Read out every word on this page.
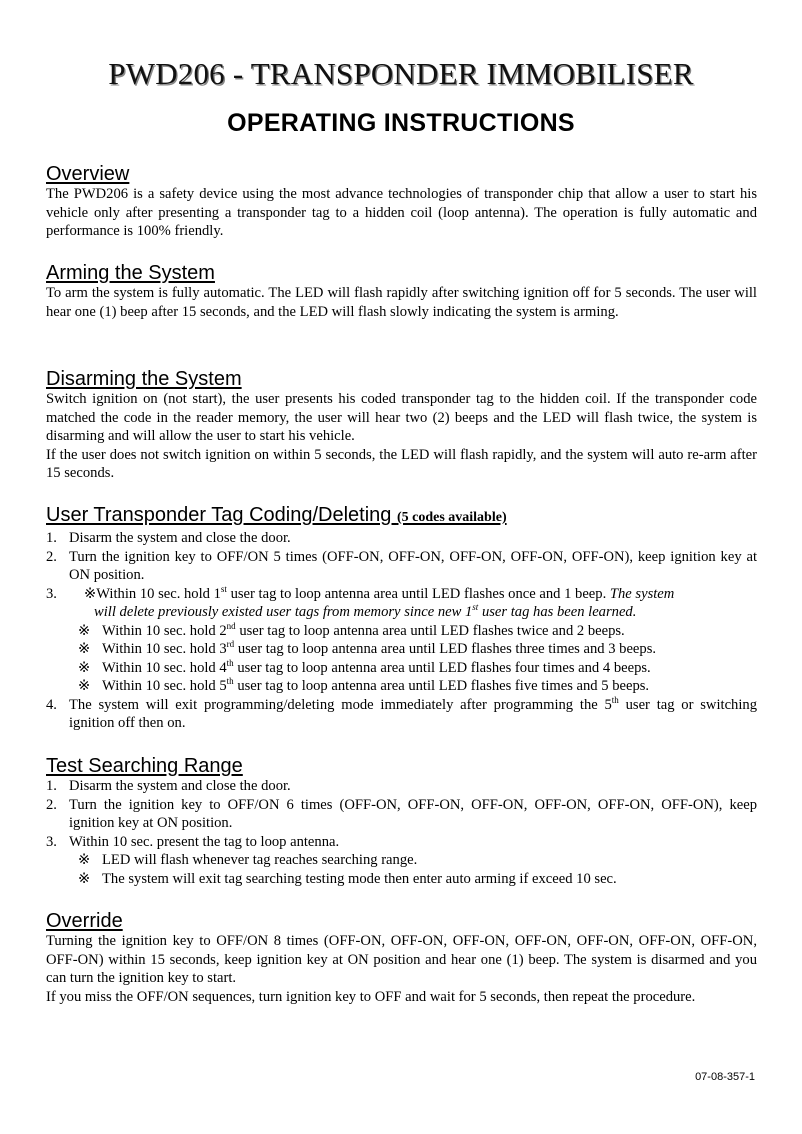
PWD206 - TRANSPONDER IMMOBILISER
OPERATING INSTRUCTIONS
Overview

The PWD206 is a safety device using the most advance technologies of transponder chip that allow a user to start his vehicle only after presenting a transponder tag to a hidden coil (loop antenna). The operation is fully automatic and performance is 100% friendly.

Arming the System

To arm the system is fully automatic. The LED will flash rapidly after switching ignition off for 5 seconds. The user will hear one (1) beep after 15 seconds, and the LED will flash slowly indicating the system is arming.

Disarming the System

Switch ignition on (not start), the user presents his coded transponder tag to the hidden coil. If the transponder code matched the code in the reader memory, the user will hear two (2) beeps and the LED will flash twice, the system is disarming and will allow the user to start his vehicle.

If the user does not switch ignition on within 5 seconds, the LED will flash rapidly, and the system will auto re-arm after 15 seconds.

User Transponder Tag Coding/Deleting (5 codes available)
1. Disarm the system and close the door.
2. Turn the ignition key to OFF/ON 5 times (OFF-ON, OFF-ON, OFF-ON, OFF-ON, OFF-ON), keep ignition key at ON position.
3.	※Within 10 sec. hold 1st user tag to loop antenna area until LED flashes once and 1 beep. The system

will delete previously existed user tags from memory since new 1st user tag has been learned.

※ Within 10 sec. hold 2nd user tag to loop antenna area until LED flashes twice and 2 beeps.

※ Within 10 sec. hold 3rd user tag to loop antenna area until LED flashes three times and 3 beeps.

※ Within 10 sec. hold 4th user tag to loop antenna area until LED flashes four times and 4 beeps.

※ Within 10 sec. hold 5th user tag to loop antenna area until LED flashes five times and 5 beeps.

4. The system will exit programming/deleting mode immediately after programming the 5th user tag or switching ignition off then on.
Test Searching Range
1. Disarm the system and close the door.
2. Turn the ignition key to OFF/ON 6 times (OFF-ON, OFF-ON, OFF-ON, OFF-ON, OFF-ON, OFF-ON), keep ignition key at ON position.
3. Within 10 sec. present the tag to loop antenna.

※ LED will flash whenever tag reaches searching range.

※ The system will exit tag searching testing mode then enter auto arming if exceed 10 sec.

Override

Turning the ignition key to OFF/ON 8 times (OFF-ON, OFF-ON, OFF-ON, OFF-ON, OFF-ON, OFF-ON, OFF-ON, OFF-ON) within 15 seconds, keep ignition key at ON position and hear one (1) beep. The system is disarmed and you can turn the ignition key to start.

If you miss the OFF/ON sequences, turn ignition key to OFF and wait for 5 seconds, then repeat the procedure.

07-08-357-1
